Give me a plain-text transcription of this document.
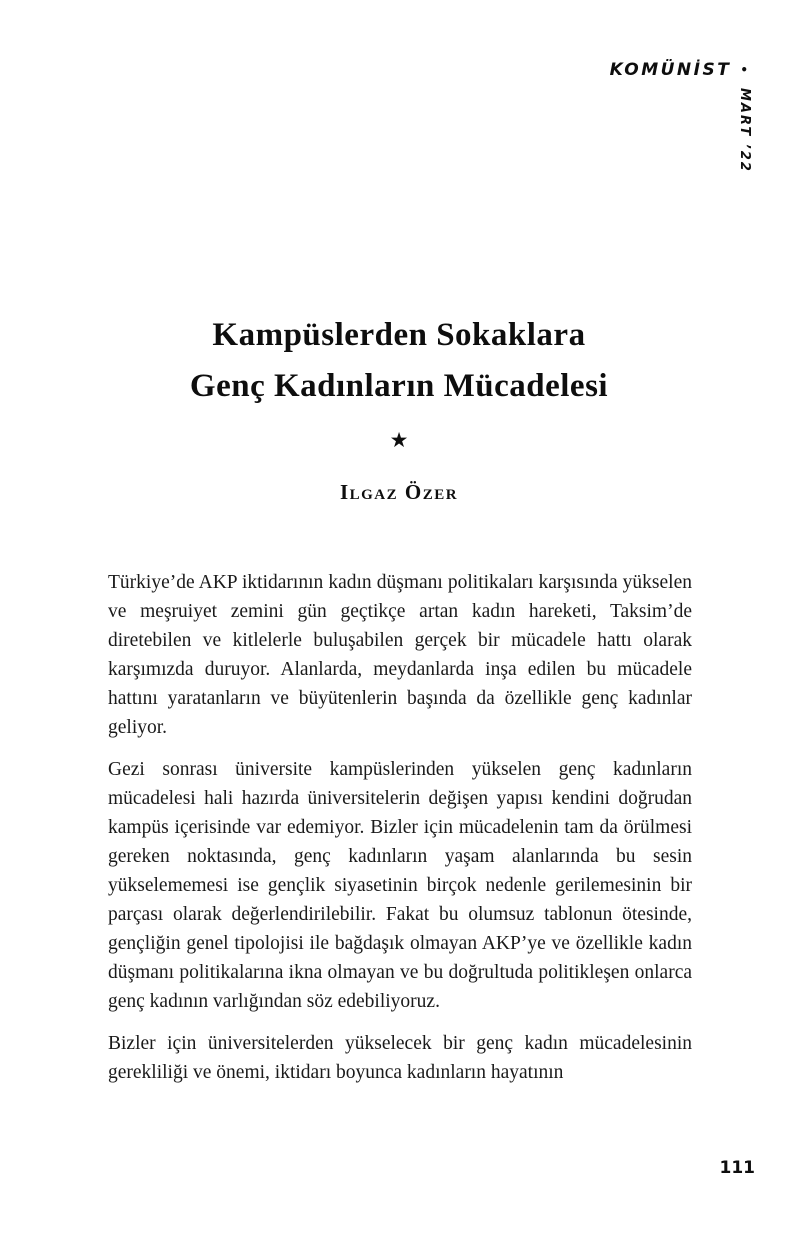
KOMÜNİST •
MART ’22
Kampüslerden Sokaklara
Genç Kadınların Mücadelesi
★
Ilgaz Özer

Türkiye’de AKP iktidarının kadın düşmanı politikaları karşısında yükselen ve meşruiyet zemini gün geçtikçe artan kadın hareketi, Taksim’de diretebilen ve kitlelerle buluşabilen gerçek bir mücadele hattı olarak karşımızda duruyor. Alanlarda, meydanlarda inşa edilen bu mücadele hattını yaratanların ve büyütenlerin başında da özellikle genç kadınlar geliyor.

Gezi sonrası üniversite kampüslerinden yükselen genç kadınların mücadelesi hali hazırda üniversitelerin değişen yapısı kendini doğrudan kampüs içerisinde var edemiyor. Bizler için mücadelenin tam da örülmesi gereken noktasında, genç kadınların yaşam alanlarında bu sesin yükselememesi ise gençlik siyasetinin birçok nedenle gerilemesinin bir parçası olarak değerlendirilebilir. Fakat bu olumsuz tablonun ötesinde, gençliğin genel tipolojisi ile bağdaşık olmayan AKP’ye ve özellikle kadın düşmanı politikalarına ikna olmayan ve bu doğrultuda politikleşen onlarca genç kadının varlığından söz edebiliyoruz.

Bizler için üniversitelerden yükselecek bir genç kadın mücadelesinin gerekliliği ve önemi, iktidarı boyunca kadınların hayatının

111
